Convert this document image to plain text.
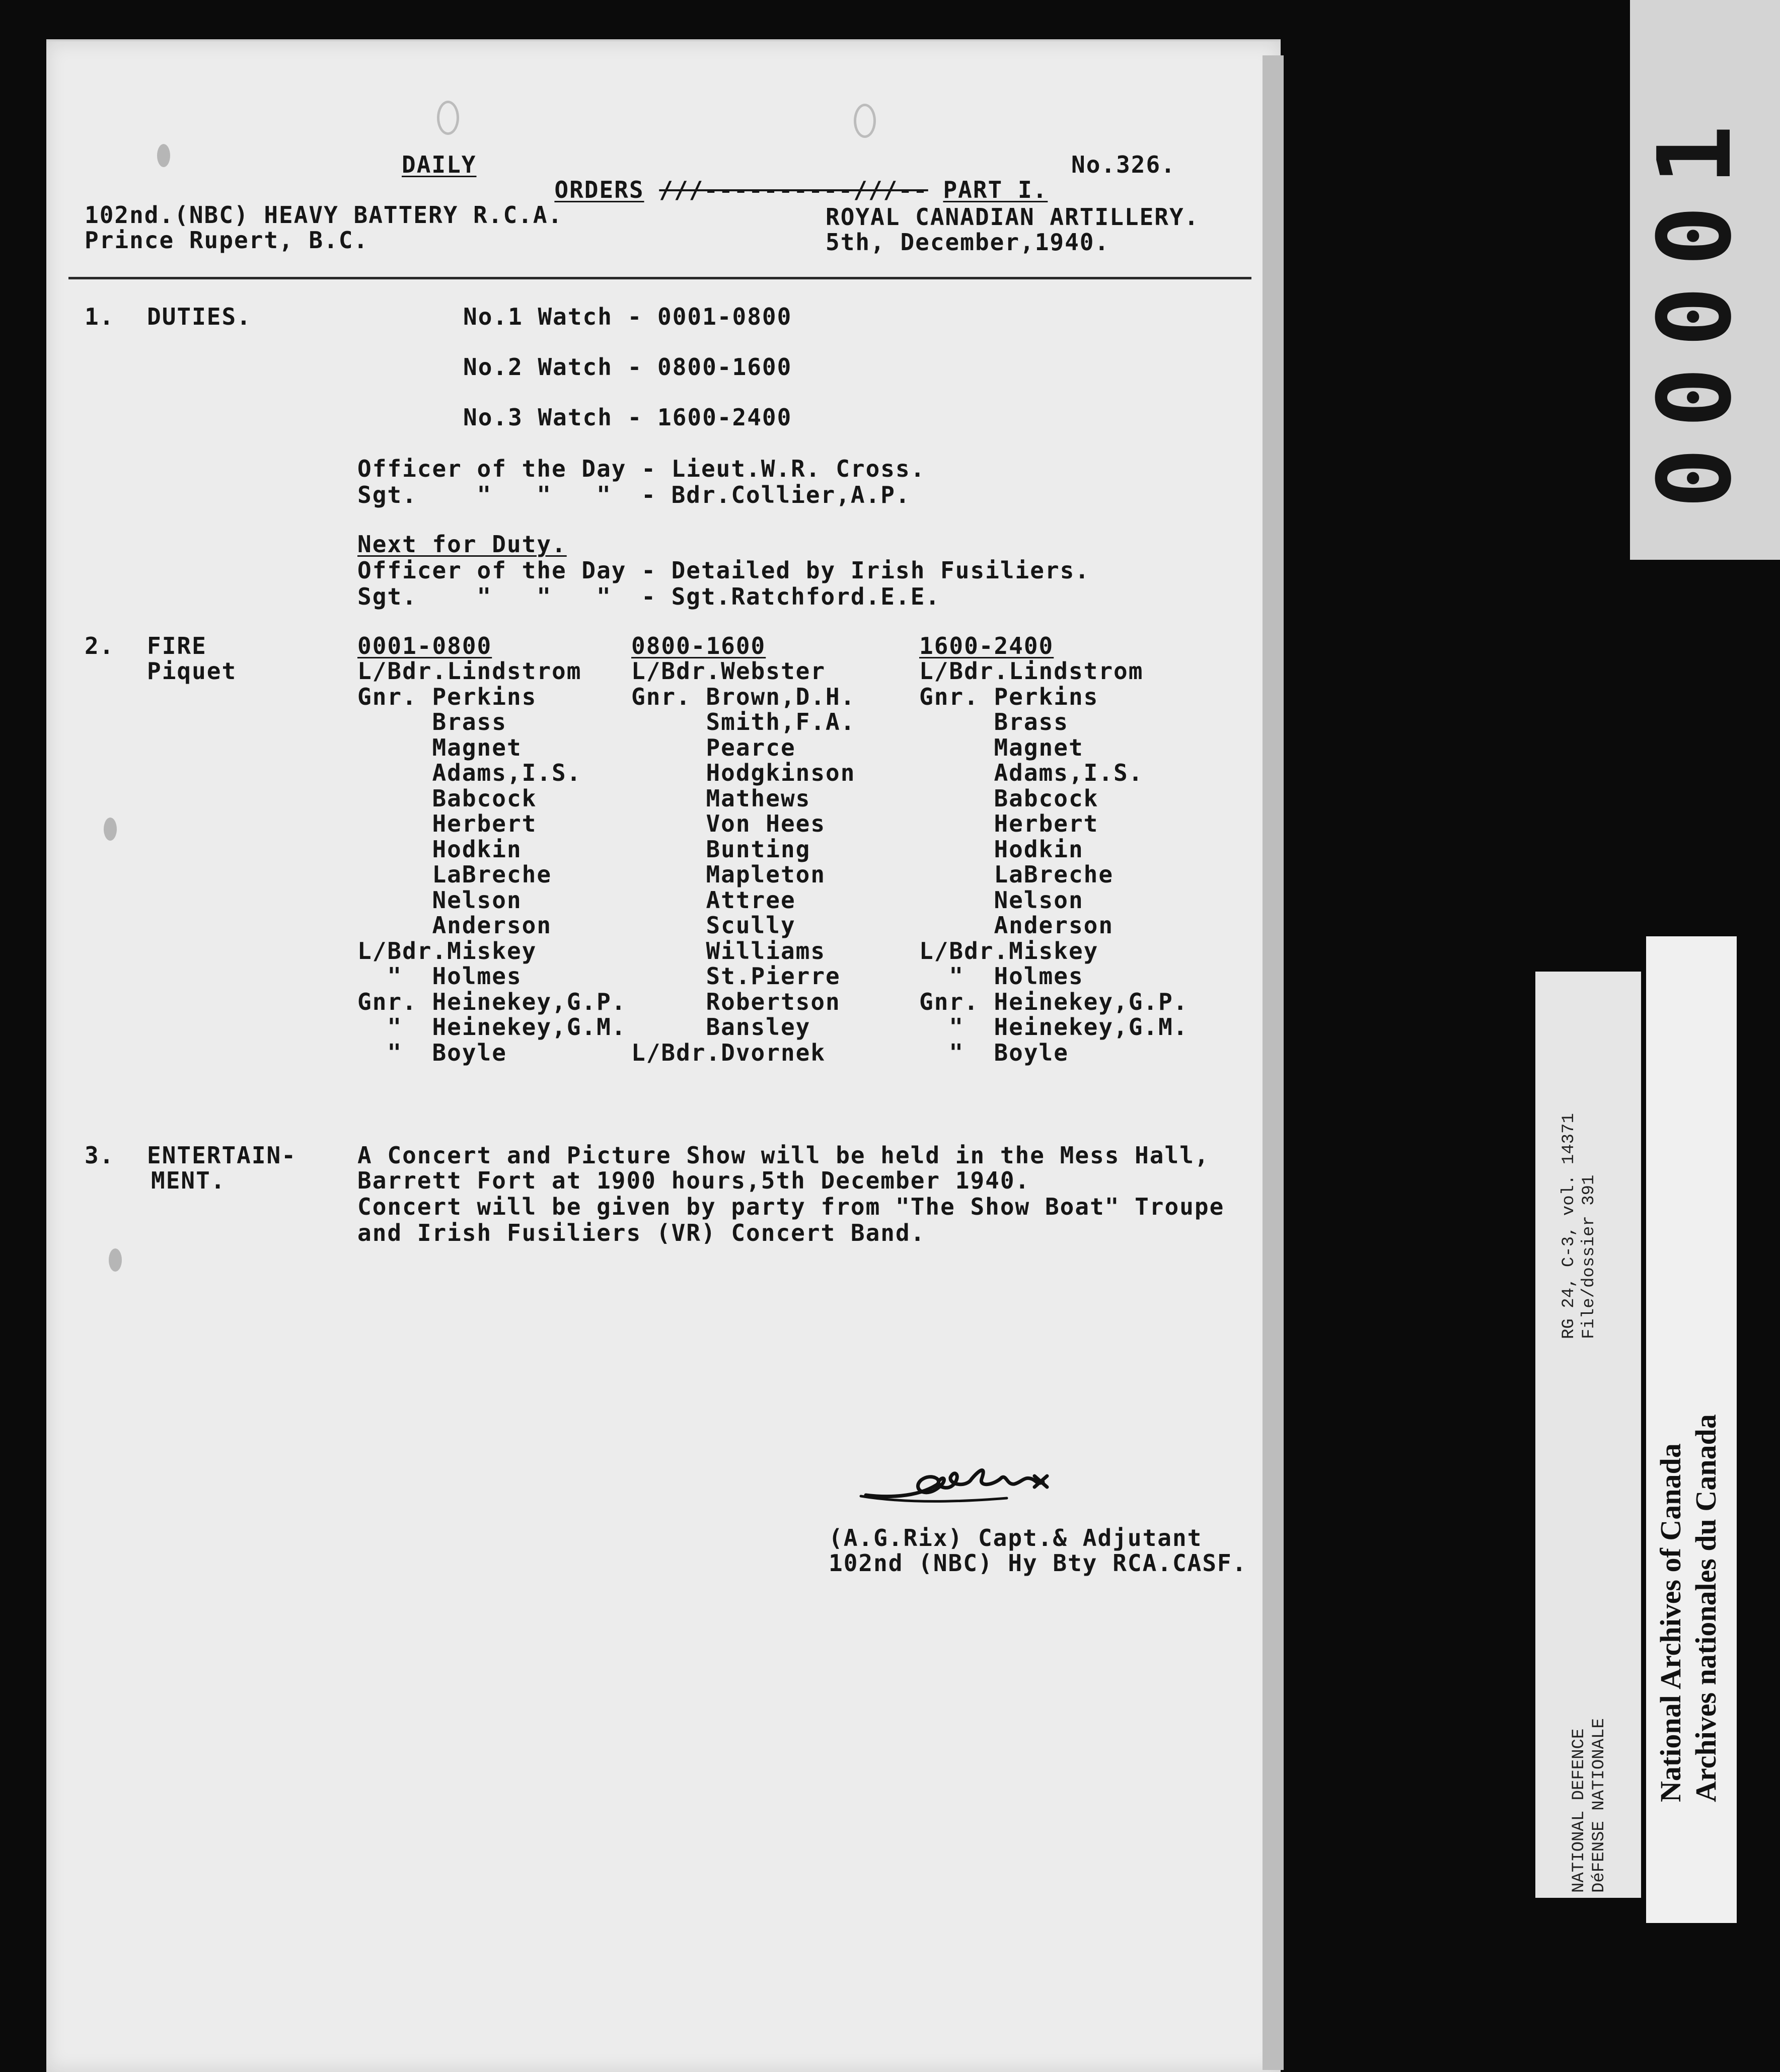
DAILY

ORDERS ///----------///-- PART I.

No.326.
102nd.(NBC) HEAVY BATTERY R.C.A.
Prince Rupert, B.C.
ROYAL CANADIAN ARTILLERY.
5th, December,1940.
1. DUTIES.	No.1 Watch - 0001-0800
No.2 Watch - 0800-1600
No.3 Watch - 1600-2400
Officer of the Day - Lieut.W.R. Cross.
Sgt.    "   "   "  - Bdr.Collier,A.P.
Next for Duty.
Officer of the Day - Detailed by Irish Fusiliers.
Sgt.    "   "   "  - Sgt.Ratchford.E.E.
2. FIRE
Piquet
0001-0800
L/Bdr.Lindstrom
Gnr. Perkins
Brass
Magnet
Adams,I.S.
Babcock
Herbert
Hodkin
LaBreche
Nelson
Anderson
L/Bdr.Miskey
"  Holmes
Gnr. Heinekey,G.P.
"  Heinekey,G.M.
"  Boyle
0800-1600
L/Bdr.Webster
Gnr. Brown,D.H.
Smith,F.A.
Pearce
Hodgkinson
Mathews
Von Hees
Bunting
Mapleton
Attree
Scully
Williams
St.Pierre
Robertson
Bansley
L/Bdr.Dvornek
1600-2400
L/Bdr.Lindstrom
Gnr. Perkins
Brass
Magnet
Adams,I.S.
Babcock
Herbert
Hodkin
LaBreche
Nelson
Anderson
L/Bdr.Miskey
"  Holmes
Gnr. Heinekey,G.P.
"  Heinekey,G.M.
"  Boyle
3. ENTERTAIN-
MENT.
A Concert and Picture Show will be held in the Mess Hall,
Barrett Fort at 1900 hours,5th December 1940.
Concert will be given by party from "The Show Boat" Troupe
and Irish Fusiliers (VR) Concert Band.
(A.G.Rix) Capt.& Adjutant
102nd (NBC) Hy Bty RCA.CASF.
00001
NATIONAL DEFENCE DéFENSE NATIONALE
RG 24, C-3, vol. 14371 File/dossier 391
National Archives of Canada Archives nationales du Canada
